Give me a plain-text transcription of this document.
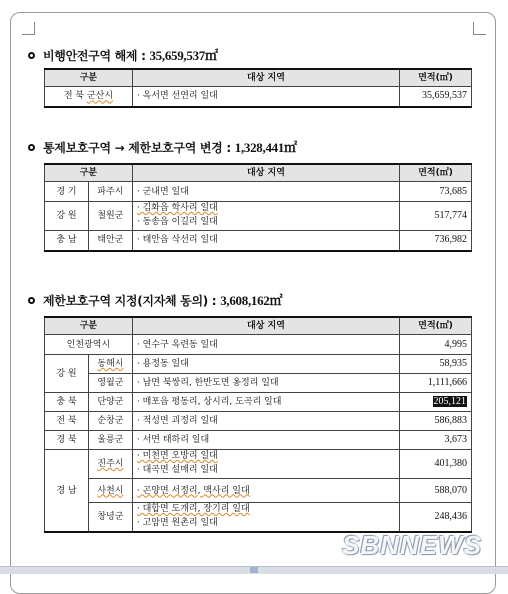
비행안전구역 해제 : 35,659,537㎡
구분	대상 지역	면적(㎡)
전 북 군산시	· 옥서면 선연리 일대	35,659,537
통제보호구역 → 제한보호구역 변경 : 1,328,441㎡
구분		대상 지역	면적(㎡)
경 기	파주시	· 군내면 일대	73,685
강 원	철원군	· 김화읍 학사리 일대
· 동송읍 이길리 일대	517,774
충 남	태안군	· 태안읍 삭선리 일대	736,982
제한보호구역 지정(지자체 동의) : 3,608,162㎡
구분		대상 지역	면적(㎡)
인천광역시		· 연수구 옥련동 일대	4,995
강 원	동해시	· 용정동 일대	58,935
	영월군	· 남면 북쌍리, 한반도면 옹정리 일대	1,111,666
충 북	단양군	· 매포읍 평동리, 상시리, 도곡리 일대	205,121
전 북	순창군	· 적성면 괴정리 일대	586,883
경 북	울릉군	· 서면 태하리 일대	3,673
경 남	진주시	· 미천면 오방리 일대
· 대곡면 설매리 일대	401,380
	사천시	· 곤양면 서정리, 맥사리 일대	588,070
	창녕군	· 대합면 도개리, 장기리 일대
· 고암면 원촌리 일대	248,436
SBNNEWS
